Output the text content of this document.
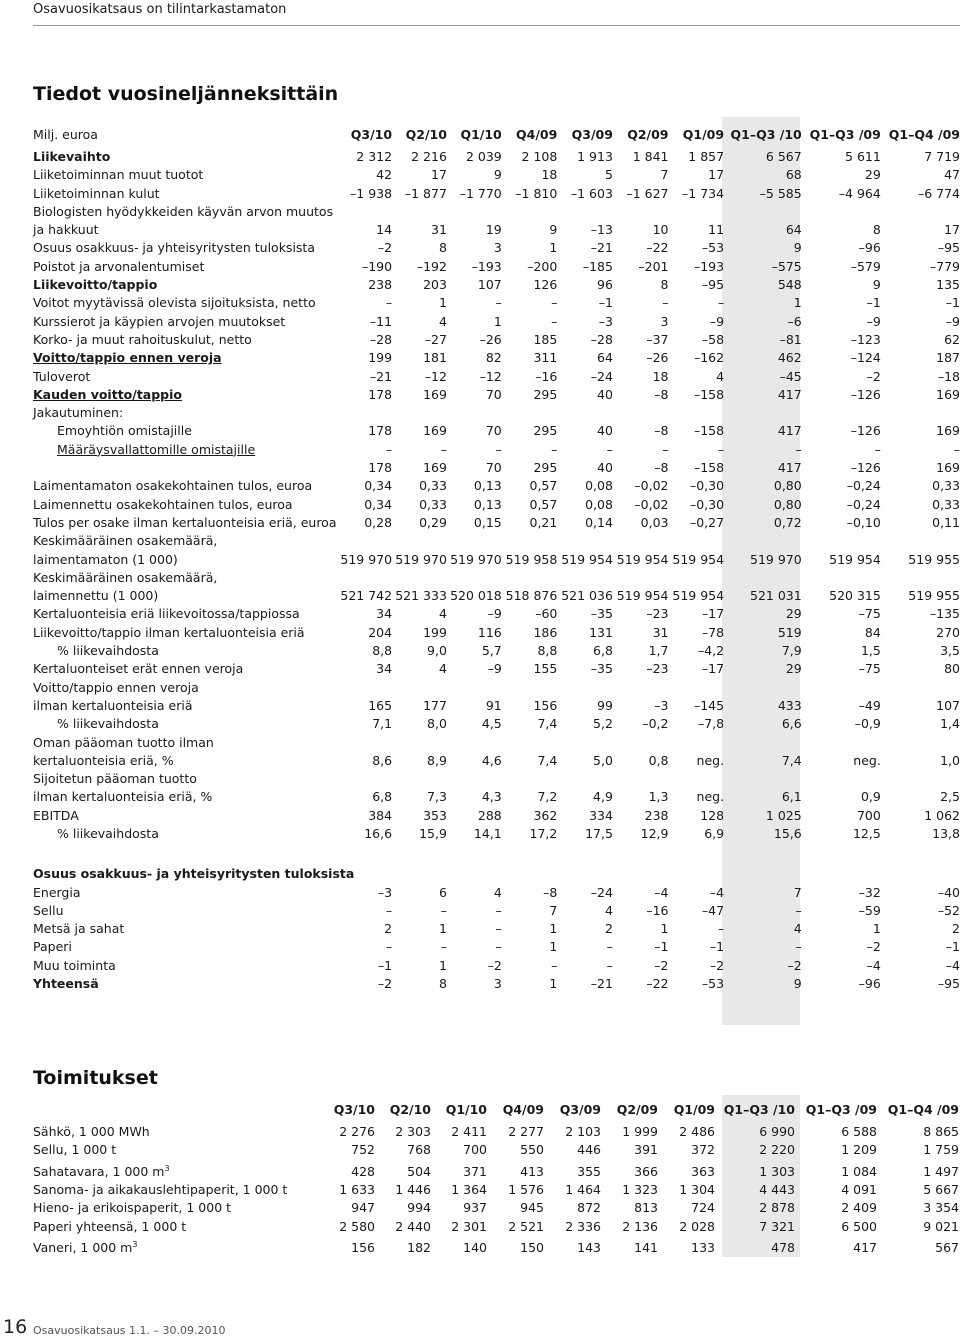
Osavuosikatsaus on tilintarkastamaton
Tiedot vuosineljänneksittäin
Milj. euroa	Q3/10	Q2/10	Q1/10	Q4/09	Q3/09	Q2/09	Q1/09	Q1–Q3 /10	Q1–Q3 /09	Q1–Q4 /09
Liikevaihto	2 312	2 216	2 039	2 108	1 913	1 841	1 857	6 567	5 611	7 719
Liiketoiminnan muut tuotot	42	17	9	18	5	7	17	68	29	47
Liiketoiminnan kulut	–1 938	–1 877	–1 770	–1 810	–1 603	–1 627	–1 734	–5 585	–4 964	–6 774
Biologisten hyödykkeiden käyvän arvon muutos										
ja hakkuut	14	31	19	9	–13	10	11	64	8	17
Osuus osakkuus- ja yhteisyritysten tuloksista	–2	8	3	1	–21	–22	–53	9	–96	–95
Poistot ja arvonalentumiset	–190	–192	–193	–200	–185	–201	–193	–575	–579	–779
Liikevoitto/tappio	238	203	107	126	96	8	–95	548	9	135
Voitot myytävissä olevista sijoituksista, netto	–	1	–	–	–1	–	–	1	–1	–1
Kurssierot ja käypien arvojen muutokset	–11	4	1	–	–3	3	–9	–6	–9	–9
Korko- ja muut rahoituskulut, netto	–28	–27	–26	185	–28	–37	–58	–81	–123	62
Voitto/tappio ennen veroja	199	181	82	311	64	–26	–162	462	–124	187
Tuloverot	–21	–12	–12	–16	–24	18	4	–45	–2	–18
Kauden voitto/tappio	178	169	70	295	40	–8	–158	417	–126	169
Jakautuminen:										
Emoyhtiön omistajille	178	169	70	295	40	–8	–158	417	–126	169
Määräysvallattomille omistajille	–	–	–	–	–	–	–	–	–	–
	178	169	70	295	40	–8	–158	417	–126	169
Laimentamaton osakekohtainen tulos, euroa	0,34	0,33	0,13	0,57	0,08	–0,02	–0,30	0,80	–0,24	0,33
Laimennettu osakekohtainen tulos, euroa	0,34	0,33	0,13	0,57	0,08	–0,02	–0,30	0,80	–0,24	0,33
Tulos per osake ilman kertaluonteisia eriä, euroa	0,28	0,29	0,15	0,21	0,14	0,03	–0,27	0,72	–0,10	0,11
Keskimääräinen osakemäärä,										
laimentamaton (1 000)	519 970	519 970	519 970	519 958	519 954	519 954	519 954	519 970	519 954	519 955
Keskimääräinen osakemäärä,										
laimennettu (1 000)	521 742	521 333	520 018	518 876	521 036	519 954	519 954	521 031	520 315	519 955
Kertaluonteisia eriä liikevoitossa/tappiossa	34	4	–9	–60	–35	–23	–17	29	–75	–135
Liikevoitto/tappio ilman kertaluonteisia eriä	204	199	116	186	131	31	–78	519	84	270
% liikevaihdosta	8,8	9,0	5,7	8,8	6,8	1,7	–4,2	7,9	1,5	3,5
Kertaluonteiset erät ennen veroja	34	4	–9	155	–35	–23	–17	29	–75	80
Voitto/tappio ennen veroja										
ilman kertaluonteisia eriä	165	177	91	156	99	–3	–145	433	–49	107
% liikevaihdosta	7,1	8,0	4,5	7,4	5,2	–0,2	–7,8	6,6	–0,9	1,4
Oman pääoman tuotto ilman										
kertaluonteisia eriä, %	8,6	8,9	4,6	7,4	5,0	0,8	neg.	7,4	neg.	1,0
Sijoitetun pääoman tuotto										
ilman kertaluonteisia eriä, %	6,8	7,3	4,3	7,2	4,9	1,3	neg.	6,1	0,9	2,5
EBITDA	384	353	288	362	334	238	128	1 025	700	1 062
% liikevaihdosta	16,6	15,9	14,1	17,2	17,5	12,9	6,9	15,6	12,5	13,8

Osuus osakkuus- ja yhteisyritysten tuloksista										
Energia	–3	6	4	–8	–24	–4	–4	7	–32	–40
Sellu	–	–	–	7	4	–16	–47	–	–59	–52
Metsä ja sahat	2	1	–	1	2	1	–	4	1	2
Paperi	–	–	–	1	–	–1	–1	–	–2	–1
Muu toiminta	–1	1	–2	–	–	–2	–2	–2	–4	–4
Yhteensä	–2	8	3	1	–21	–22	–53	9	–96	–95
Toimitukset
	Q3/10	Q2/10	Q1/10	Q4/09	Q3/09	Q2/09	Q1/09	Q1–Q3 /10	Q1–Q3 /09	Q1–Q4 /09
Sähkö, 1 000 MWh	2 276	2 303	2 411	2 277	2 103	1 999	2 486	6 990	6 588	8 865
Sellu, 1 000 t	752	768	700	550	446	391	372	2 220	1 209	1 759
Sahatavara, 1 000 $m^3$	428	504	371	413	355	366	363	1 303	1 084	1 497
Sanoma- ja aikakauslehtipaperit, 1 000 t	1 633	1 446	1 364	1 576	1 464	1 323	1 304	4 443	4 091	5 667
Hieno- ja erikoispaperit, 1 000 t	947	994	937	945	872	813	724	2 878	2 409	3 354
Paperi yhteensä, 1 000 t	2 580	2 440	2 301	2 521	2 336	2 136	2 028	7 321	6 500	9 021
Vaneri, 1 000 $m^3$	156	182	140	150	143	141	133	478	417	567
16 Osavuosikatsaus 1.1. – 30.09.2010
